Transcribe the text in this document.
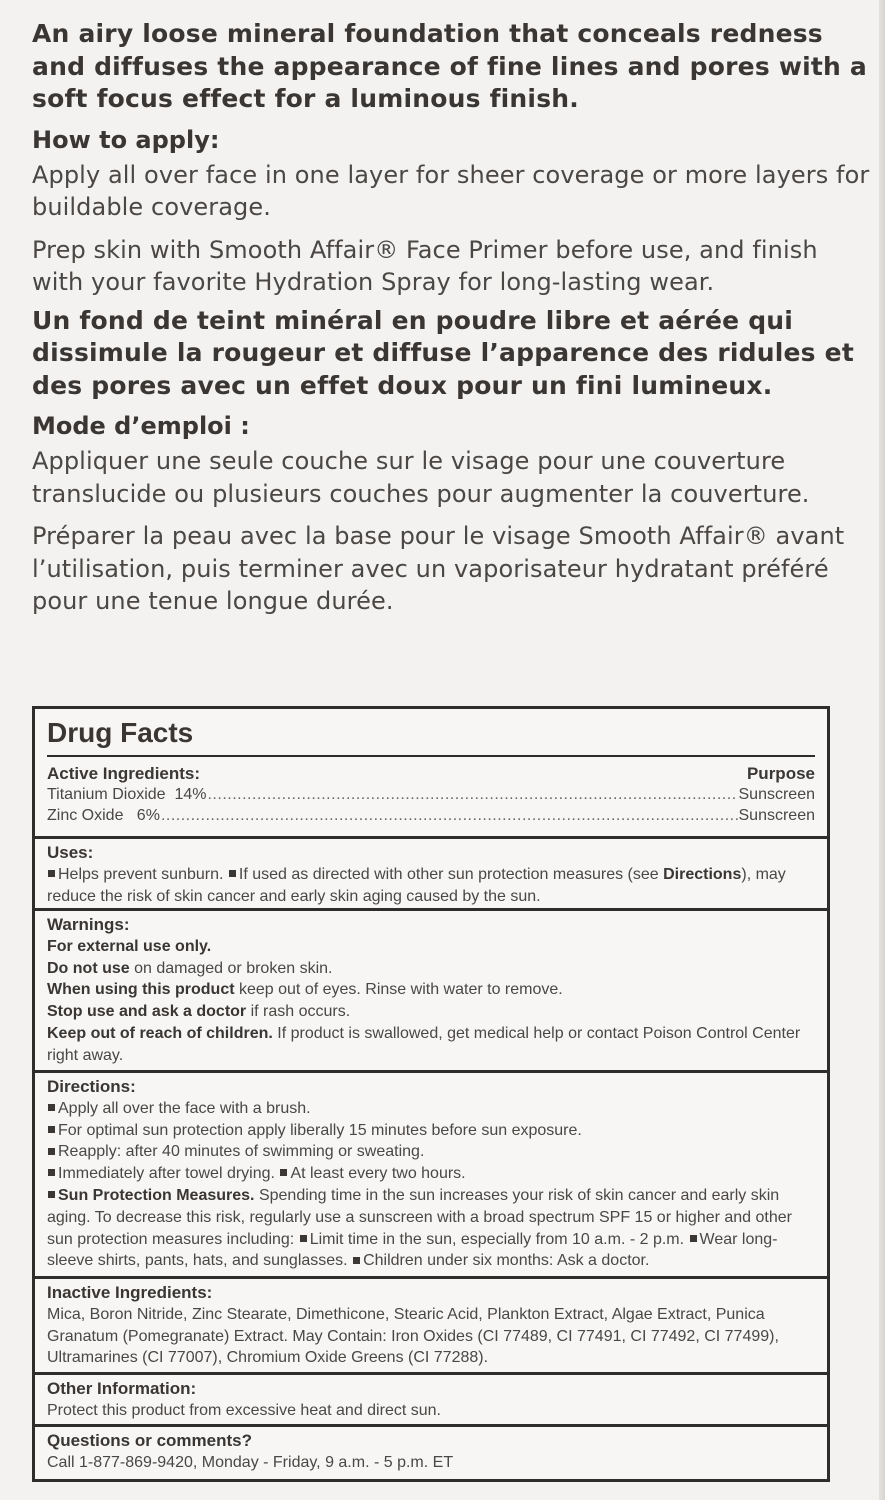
An airy loose mineral foundation that conceals redness and diffuses the appearance of fine lines and pores with a soft focus effect for a luminous finish.

How to apply:

Apply all over face in one layer for sheer coverage or more layers for buildable coverage.

Prep skin with Smooth Affair® Face Primer before use, and finish with your favorite Hydration Spray for long-lasting wear.

Un fond de teint minéral en poudre libre et aérée qui dissimule la rougeur et diffuse l’apparence des ridules et des pores avec un effet doux pour un fini lumineux.

Mode d’emploi :

Appliquer une seule couche sur le visage pour une couverture translucide ou plusieurs couches pour augmenter la couverture.

Préparer la peau avec la base pour le visage Smooth Affair® avant l’utilisation, puis terminer avec un vaporisateur hydratant préféré pour une tenue longue durée.

Drug Facts
Active Ingredients:	Purpose
Titanium Dioxide  14% .....	Sunscreen
Zinc Oxide   6% .....	Sunscreen
Uses:
Helps prevent sunburn. If used as directed with other sun protection measures (see Directions), may reduce the risk of skin cancer and early skin aging caused by the sun.
Warnings:
For external use only.
Do not use on damaged or broken skin.
When using this product keep out of eyes. Rinse with water to remove.
Stop use and ask a doctor if rash occurs.
Keep out of reach of children. If product is swallowed, get medical help or contact Poison Control Center right away.
Directions:
Apply all over the face with a brush.
For optimal sun protection apply liberally 15 minutes before sun exposure.
Reapply: after 40 minutes of swimming or sweating.
Immediately after towel drying. At least every two hours.
Sun Protection Measures. Spending time in the sun increases your risk of skin cancer and early skin aging. To decrease this risk, regularly use a sunscreen with a broad spectrum SPF 15 or higher and other sun protection measures including: Limit time in the sun, especially from 10 a.m. - 2 p.m. Wear long-sleeve shirts, pants, hats, and sunglasses. Children under six months: Ask a doctor.
Inactive Ingredients:
Mica, Boron Nitride, Zinc Stearate, Dimethicone, Stearic Acid, Plankton Extract, Algae Extract, Punica Granatum (Pomegranate) Extract. May Contain: Iron Oxides (CI 77489, CI 77491, CI 77492, CI 77499), Ultramarines (CI 77007), Chromium Oxide Greens (CI 77288).
Other Information:
Protect this product from excessive heat and direct sun.
Questions or comments?
Call 1-877-869-9420, Monday - Friday, 9 a.m. - 5 p.m. ET
